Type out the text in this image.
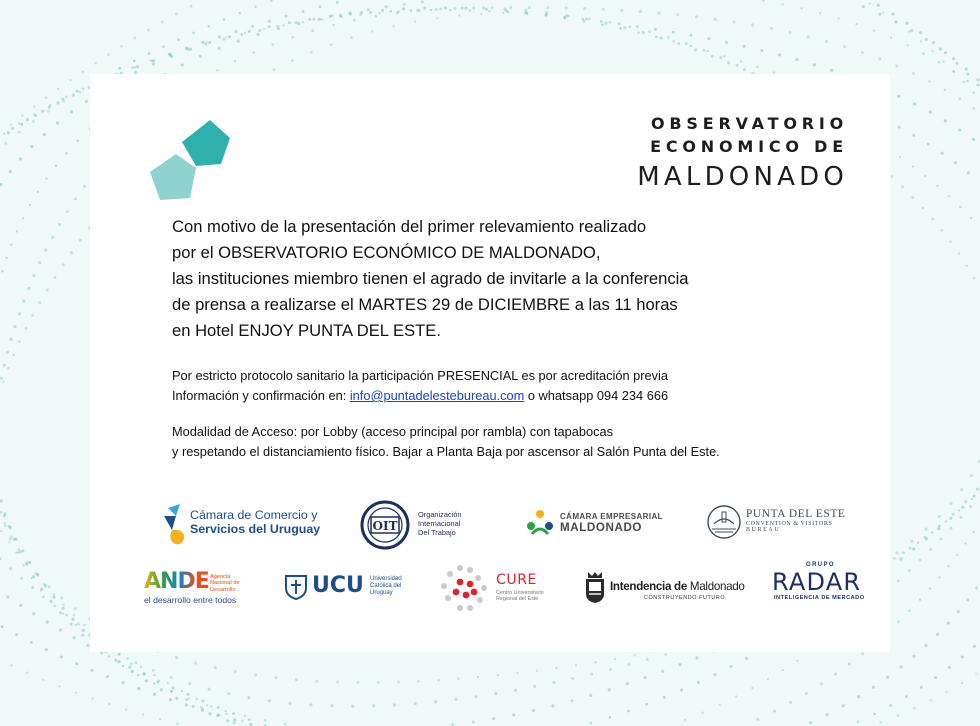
OBSERVATORIO
ECONOMICO DE
MALDONADO
Con motivo de la presentación del primer relevamiento realizado
por el OBSERVATORIO ECONÓMICO DE MALDONADO,
las instituciones miembro tienen el agrado de invitarle a la conferencia
de prensa a realizarse el MARTES 29 de DICIEMBRE a las 11 horas
en Hotel ENJOY PUNTA DEL ESTE.
Por estricto protocolo sanitario la participación PRESENCIAL es por acreditación previa
Información y confirmación en: info@puntadelestebureau.com o whatsapp 094 234 666
Modalidad de Acceso: por Lobby (acceso principal por rambla) con tapabocas
y respetando el distanciamiento físico. Bajar a Planta Baja por ascensor al Salón Punta del Este.
Cámara de Comercio y
Servicios del Uruguay	OIT
Organización
Internacional
Del Trabajo
CÁMARA EMPRESARIAL
MALDONADO
PUNTA DEL ESTE
CONVENTION & VISITORS
BUREAU
ANDE Agencia
Nacional de
Desarrollo
el desarrollo entre todos
UCU Universidad
Católica del
Uruguay
CURE
Centro Universitario
Regional del Este
Intendencia de Maldonado
CONSTRUYENDO FUTURO
GRUPO
RADAR
INTELIGENCIA DE MERCADO
